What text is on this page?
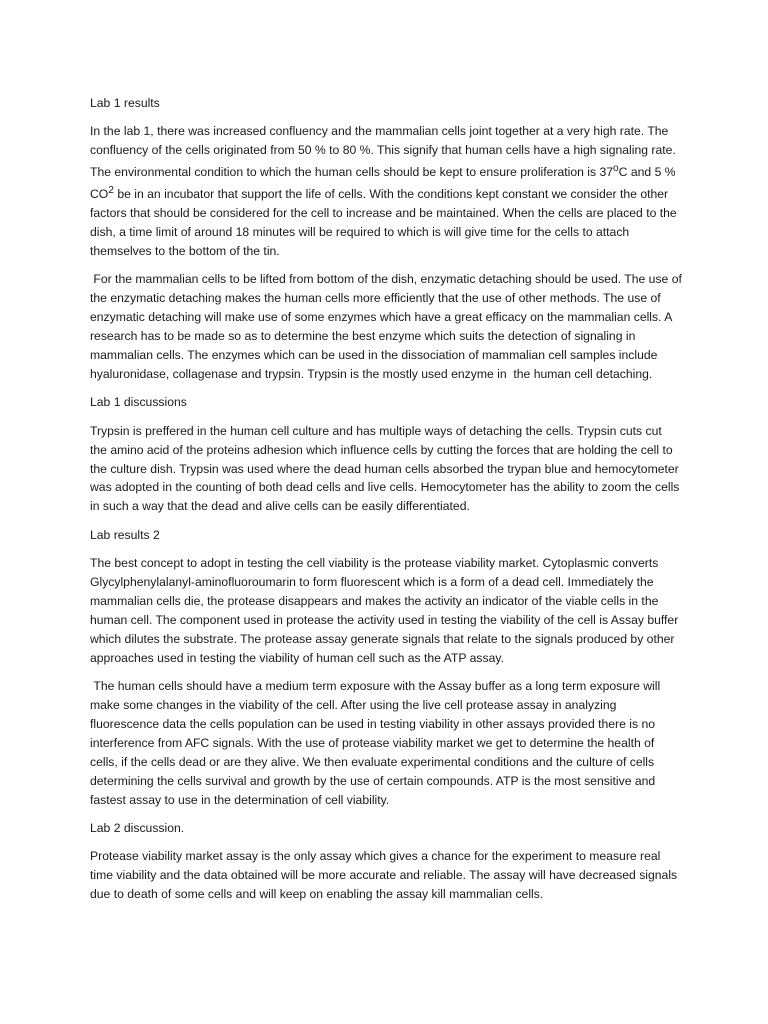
Lab 1 results

In the lab 1, there was increased confluency and the mammalian cells joint together at a very high rate. The confluency of the cells originated from 50 % to 80 %. This signify that human cells have a high signaling rate. The environmental condition to which the human cells should be kept to ensure proliferation is 37$^o$C and 5 % $CO^2$ be in an incubator that support the life of cells. With the conditions kept constant we consider the other factors that should be considered for the cell to increase and be maintained. When the cells are placed to the dish, a time limit of around 18 minutes will be required to which is will give time for the cells to attach themselves to the bottom of the tin.

For the mammalian cells to be lifted from bottom of the dish, enzymatic detaching should be used. The use of the enzymatic detaching makes the human cells more efficiently that the use of other methods. The use of enzymatic detaching will make use of some enzymes which have a great efficacy on the mammalian cells. A research has to be made so as to determine the best enzyme which suits the detection of signaling in mammalian cells. The enzymes which can be used in the dissociation of mammalian cell samples include hyaluronidase, collagenase and trypsin. Trypsin is the mostly used enzyme in  the human cell detaching.

Lab 1 discussions

Trypsin is preffered in the human cell culture and has multiple ways of detaching the cells. Trypsin cuts cut the amino acid of the proteins adhesion which influence cells by cutting the forces that are holding the cell to the culture dish. Trypsin was used where the dead human cells absorbed the trypan blue and hemocytometer was adopted in the counting of both dead cells and live cells. Hemocytometer has the ability to zoom the cells in such a way that the dead and alive cells can be easily differentiated.

Lab results 2

The best concept to adopt in testing the cell viability is the protease viability market. Cytoplasmic converts Glycylphenylalanyl-aminofluoroumarin to form fluorescent which is a form of a dead cell. Immediately the mammalian cells die, the protease disappears and makes the activity an indicator of the viable cells in the human cell. The component used in protease the activity used in testing the viability of the cell is Assay buffer which dilutes the substrate. The protease assay generate signals that relate to the signals produced by other approaches used in testing the viability of human cell such as the ATP assay.

The human cells should have a medium term exposure with the Assay buffer as a long term exposure will make some changes in the viability of the cell. After using the live cell protease assay in analyzing fluorescence data the cells population can be used in testing viability in other assays provided there is no interference from AFC signals. With the use of protease viability market we get to determine the health of cells, if the cells dead or are they alive. We then evaluate experimental conditions and the culture of cells determining the cells survival and growth by the use of certain compounds. ATP is the most sensitive and fastest assay to use in the determination of cell viability.

Lab 2 discussion.

Protease viability market assay is the only assay which gives a chance for the experiment to measure real time viability and the data obtained will be more accurate and reliable. The assay will have decreased signals due to death of some cells and will keep on enabling the assay kill mammalian cells.
